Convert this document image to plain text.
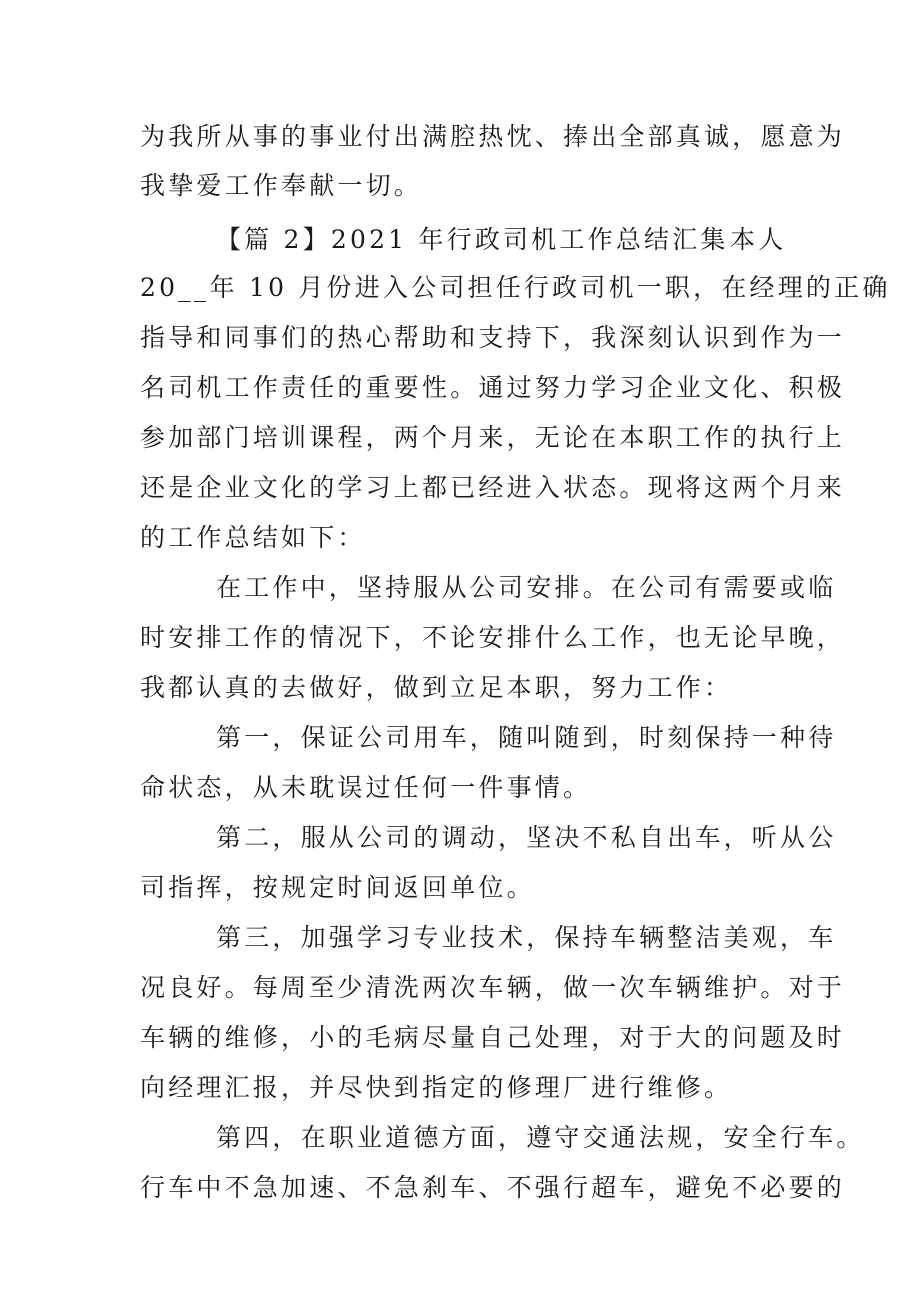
为我所从事的事业付出满腔热忱、捧出全部真诚，愿意为
我挚爱工作奉献一切。
【篇 2】2021 年行政司机工作总结汇集 本人
20__年 10 月份进入公司担任行政司机一职，在经理的正确
指导和同事们的热心帮助和支持下，我深刻认识到作为一
名司机工作责任的重要性。通过努力学习企业文化、积极
参加部门培训课程，两个月来，无论在本职工作的执行上
还是企业文化的学习上都已经进入状态。现将这两个月来
的工作总结如下：
在工作中，坚持服从公司安排。在公司有需要或临
时安排工作的情况下，不论安排什么工作，也无论早晚，
我都认真的去做好，做到立足本职，努力工作：
第一，保证公司用车，随叫随到，时刻保持一种待
命状态，从未耽误过任何一件事情。
第二，服从公司的调动，坚决不私自出车，听从公
司指挥，按规定时间返回单位。
第三，加强学习专业技术，保持车辆整洁美观，车
况良好。每周至少清洗两次车辆，做一次车辆维护。对于
车辆的维修，小的毛病尽量自己处理，对于大的问题及时
向经理汇报，并尽快到指定的修理厂进行维修。
第四，在职业道德方面，遵守交通法规，安全行车。
行车中不急加速、不急刹车、不强行超车，避免不必要的
